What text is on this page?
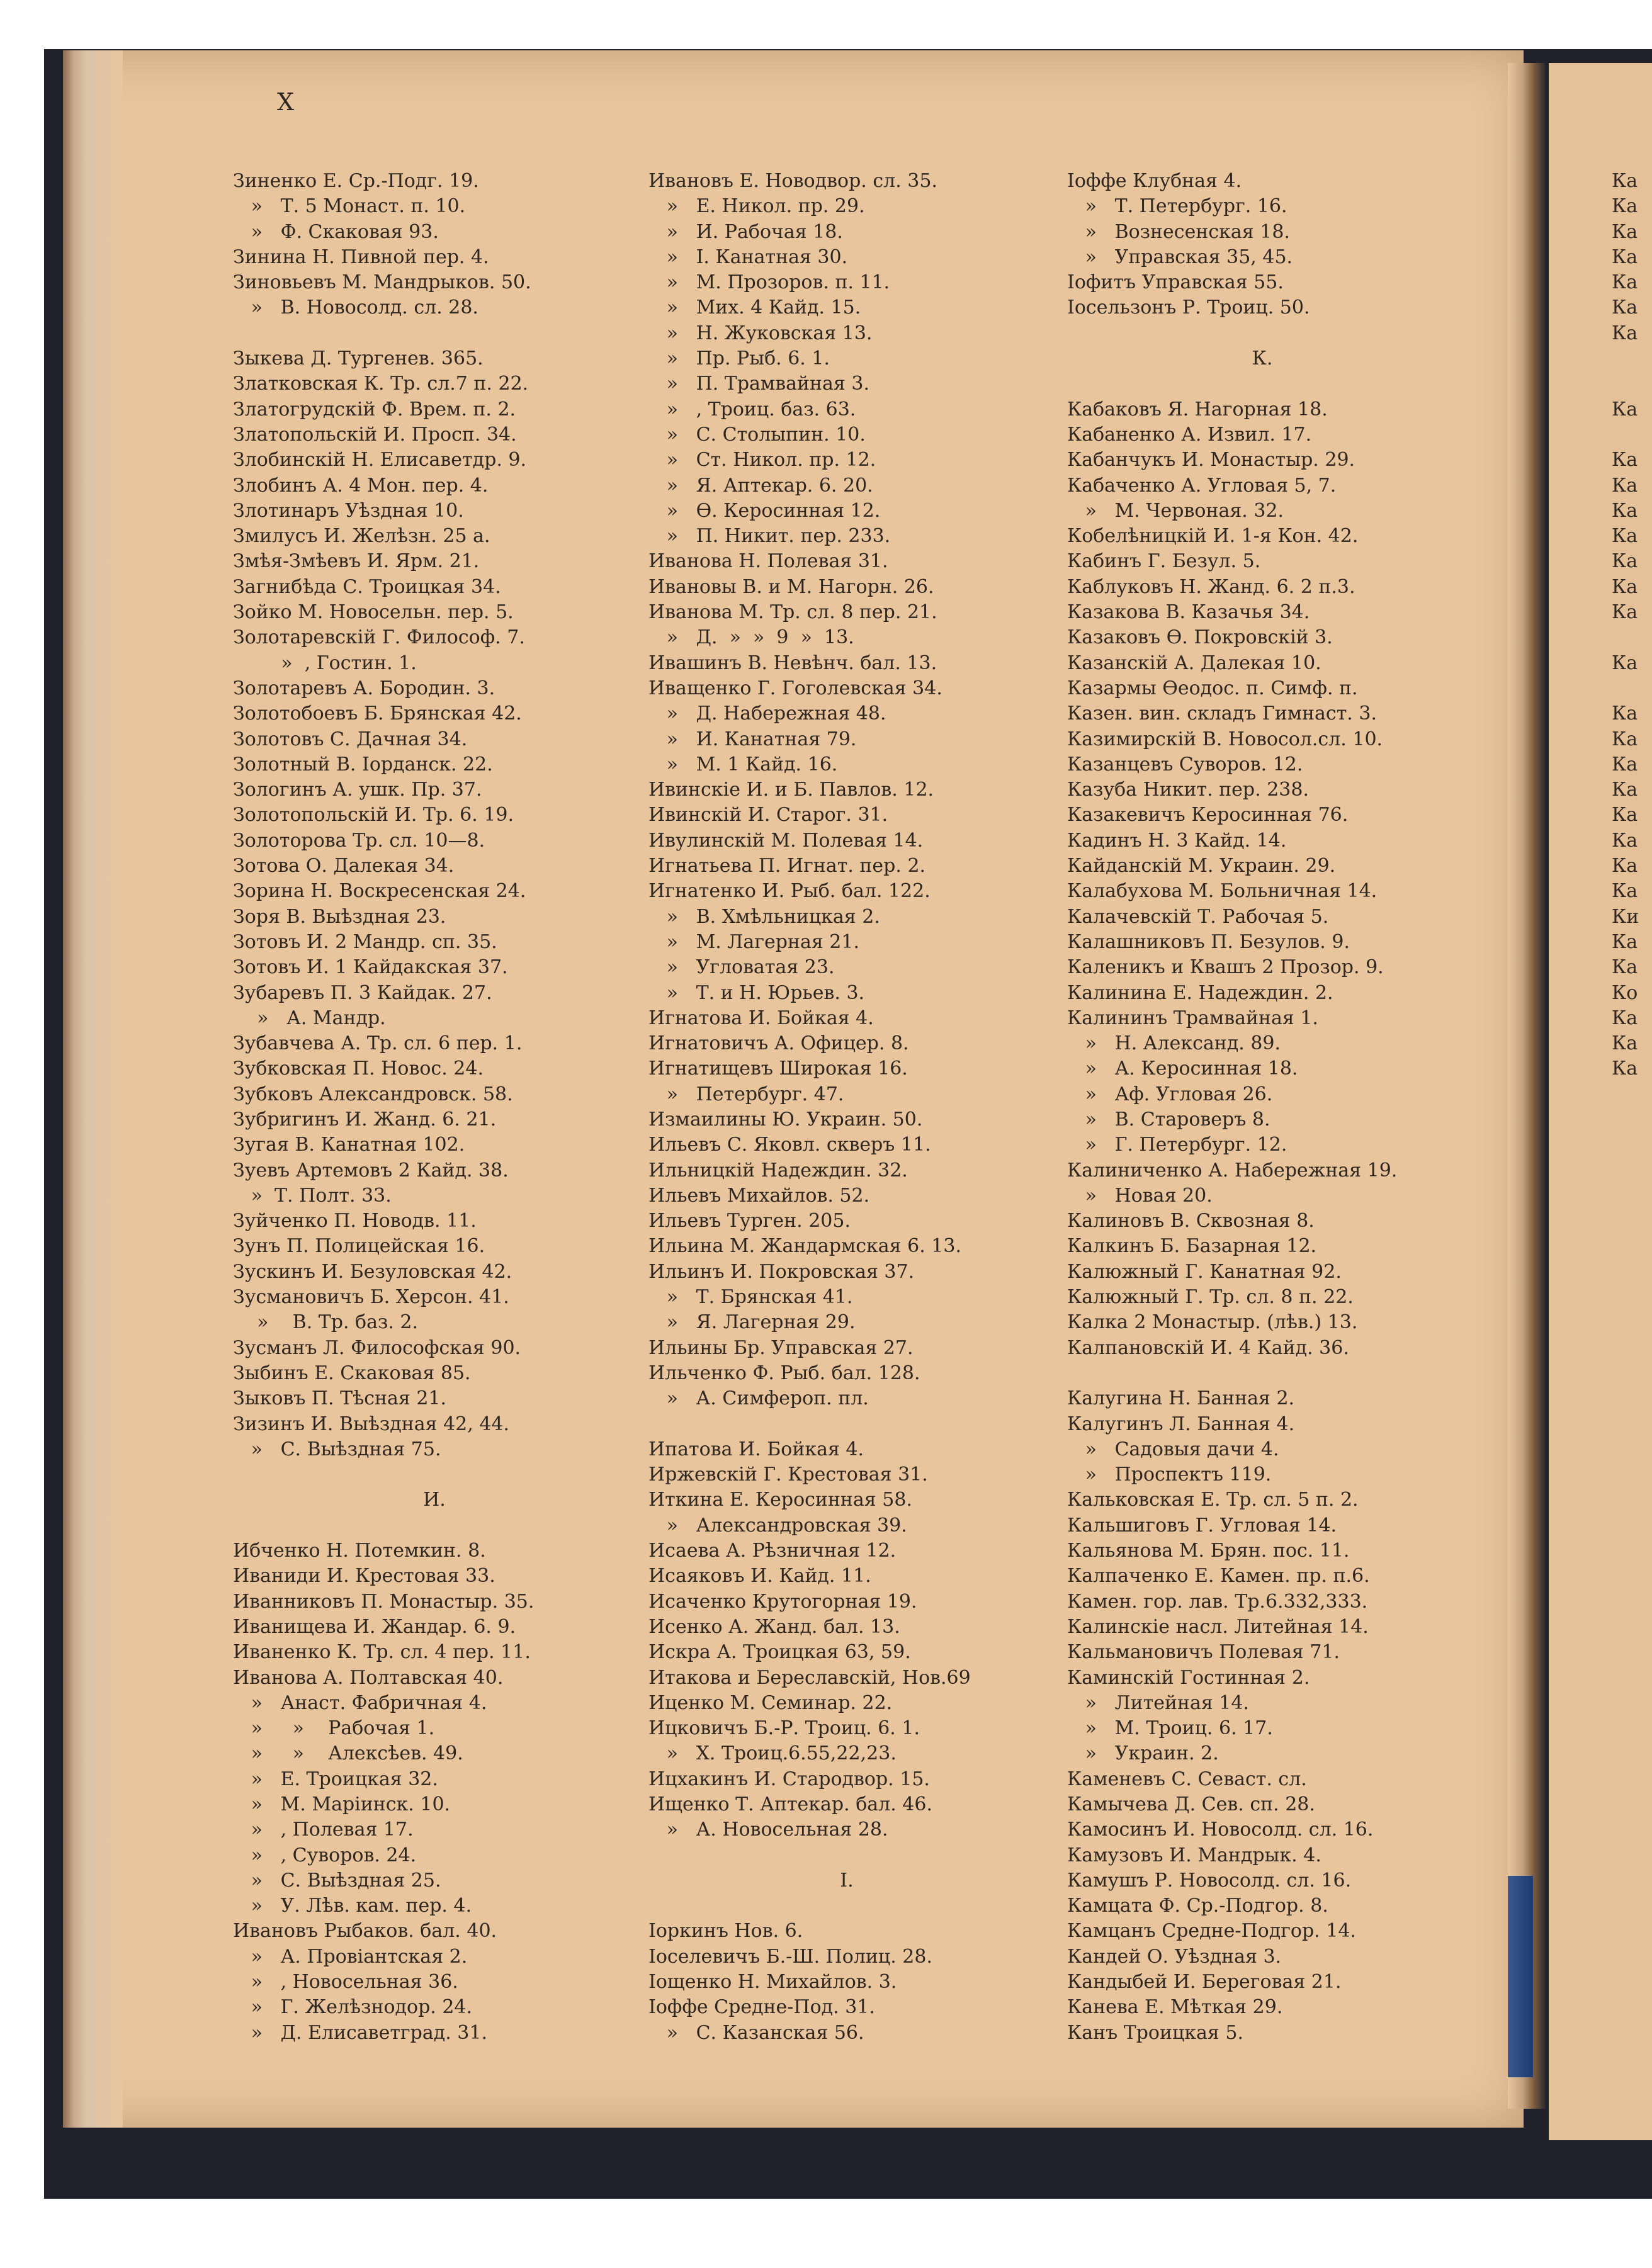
X
Зиненко Е. Ср.-Подг. 19.
»   Т. 5 Монаст. п. 10.
»   Ф. Скаковая 93.
Зинина Н. Пивной пер. 4.
Зиновьевъ М. Мандрыков. 50.
»   В. Новосолд. сл. 28.
Зыкева Д. Тургенев. 365.
Златковская К. Тр. сл.7 п. 22.
Златогрудскій Ф. Врем. п. 2.
Златопольскій И. Просп. 34.
Злобинскій Н. Елисаветдр. 9.
Злобинъ А. 4 Мон. пер. 4.
Злотинаръ Уѣздная 10.
Змилусъ И. Желѣзн. 25 а.
Змѣя-Змѣевъ И. Ярм. 21.
Загнибѣда С. Троицкая 34.
Зойко М. Новосельн. пер. 5.
Золотаревскій Г. Философ. 7.
»  , Гостин. 1.
Золотаревъ А. Бородин. 3.
Золотобоевъ Б. Брянская 42.
Золотовъ С. Дачная 34.
Золотный В. Іорданск. 22.
Зологинъ А. ушк. Пр. 37.
Золотопольскій И. Тр. 6. 19.
Золоторова Тр. сл. 10—8.
Зотова О. Далекая 34.
Зорина Н. Воскресенская 24.
Зоря В. Выѣздная 23.
Зотовъ И. 2 Мандр. сп. 35.
Зотовъ И. 1 Кайдакская 37.
Зубаревъ П. 3 Кайдак. 27.
»   А. Мандр.
Зубавчева А. Тр. сл. 6 пер. 1.
Зубковская П. Новос. 24.
Зубковъ Александровск. 58.
Зубригинъ И. Жанд. 6. 21.
Зугая В. Канатная 102.
Зуевъ Артемовъ 2 Кайд. 38.
»  Т. Полт. 33.
Зуйченко П. Новодв. 11.
Зунъ П. Полицейская 16.
Зускинъ И. Безуловская 42.
Зусмановичъ Б. Херсон. 41.
»    В. Тр. баз. 2.
Зусманъ Л. Философская 90.
Зыбинъ Е. Скаковая 85.
Зыковъ П. Тѣсная 21.
Зизинъ И. Выѣздная 42, 44.
»   С. Выѣздная 75.
И.
Ибченко Н. Потемкин. 8.
Иваниди И. Крестовая 33.
Иванниковъ П. Монастыр. 35.
Иванищева И. Жандар. 6. 9.
Иваненко К. Тр. сл. 4 пер. 11.
Иванова А. Полтавская 40.
»   Анаст. Фабричная 4.
»     »    Рабочая 1.
»     »    Алексѣев. 49.
»   Е. Троицкая 32.
»   М. Маріинск. 10.
»   , Полевая 17.
»   , Суворов. 24.
»   С. Выѣздная 25.
»   У. Лѣв. кам. пер. 4.
Ивановъ Рыбаков. бал. 40.
»   А. Провіантская 2.
»   , Новосельная 36.
»   Г. Желѣзнодор. 24.
»   Д. Елисаветград. 31.
Ивановъ Е. Новодвор. сл. 35.
»   Е. Никол. пр. 29.
»   И. Рабочая 18.
»   І. Канатная 30.
»   М. Прозоров. п. 11.
»   Мих. 4 Кайд. 15.
»   Н. Жуковская 13.
»   Пр. Рыб. 6. 1.
»   П. Трамвайная 3.
»   , Троиц. баз. 63.
»   С. Столыпин. 10.
»   Ст. Никол. пр. 12.
»   Я. Аптекар. 6. 20.
»   Ѳ. Керосинная 12.
»   П. Никит. пер. 233.
Иванова Н. Полевая 31.
Ивановы В. и М. Нагорн. 26.
Иванова М. Тр. сл. 8 пер. 21.
»   Д.  »  »  9  »  13.
Ивашинъ В. Невѣнч. бал. 13.
Иващенко Г. Гоголевская 34.
»   Д. Набережная 48.
»   И. Канатная 79.
»   М. 1 Кайд. 16.
Ивинскіе И. и Б. Павлов. 12.
Ивинскій И. Старог. 31.
Ивулинскій М. Полевая 14.
Игнатьева П. Игнат. пер. 2.
Игнатенко И. Рыб. бал. 122.
»   В. Хмѣльницкая 2.
»   М. Лагерная 21.
»   Угловатая 23.
»   Т. и Н. Юрьев. 3.
Игнатова И. Бойкая 4.
Игнатовичъ А. Офицер. 8.
Игнатищевъ Широкая 16.
»   Петербург. 47.
Измаилины Ю. Украин. 50.
Ильевъ С. Яковл. скверъ 11.
Ильницкій Надеждин. 32.
Ильевъ Михайлов. 52.
Ильевъ Турген. 205.
Ильина М. Жандармская 6. 13.
Ильинъ И. Покровская 37.
»   Т. Брянская 41.
»   Я. Лагерная 29.
Ильины Бр. Управская 27.
Ильченко Ф. Рыб. бал. 128.
»   А. Симфероп. пл.
Ипатова И. Бойкая 4.
Иржевскій Г. Крестовая 31.
Иткина Е. Керосинная 58.
»   Александровская 39.
Исаева А. Рѣзничная 12.
Исаяковъ И. Кайд. 11.
Исаченко Крутогорная 19.
Исенко А. Жанд. бал. 13.
Искра А. Троицкая 63, 59.
Итакова и Береславскій, Нов.69
Иценко М. Семинар. 22.
Ицковичъ Б.-Р. Троиц. 6. 1.
»   Х. Троиц.6.55,22,23.
Ицхакинъ И. Стародвор. 15.
Ищенко Т. Аптекар. бал. 46.
»   А. Новосельная 28.
І.
Іоркинъ Нов. 6.
Іоселевичъ Б.-Ш. Полиц. 28.
Іощенко Н. Михайлов. 3.
Іоффе Средне-Под. 31.
»   С. Казанская 56.
Іоффе Клубная 4.
»   Т. Петербург. 16.
»   Вознесенская 18.
»   Управская 35, 45.
Іофитъ Управская 55.
Іосельзонъ Р. Троиц. 50.
К.
Кабаковъ Я. Нагорная 18.
Кабаненко А. Извил. 17.
Кабанчукъ И. Монастыр. 29.
Кабаченко А. Угловая 5, 7.
»   М. Червоная. 32.
Кобелѣницкій И. 1-я Кон. 42.
Кабинъ Г. Безул. 5.
Каблуковъ Н. Жанд. 6. 2 п.3.
Казакова В. Казачья 34.
Казаковъ Ѳ. Покровскій 3.
Казанскій А. Далекая 10.
Казармы Ѳеодос. п. Симф. п.
Казен. вин. складъ Гимнаст. 3.
Казимирскій В. Новосол.сл. 10.
Казанцевъ Суворов. 12.
Казуба Никит. пер. 238.
Казакевичъ Керосинная 76.
Кадинъ Н. 3 Кайд. 14.
Кайданскій М. Украин. 29.
Калабухова М. Больничная 14.
Калачевскій Т. Рабочая 5.
Калашниковъ П. Безулов. 9.
Каленикъ и Квашъ 2 Прозор. 9.
Калинина Е. Надеждин. 2.
Калининъ Трамвайная 1.
»   Н. Александ. 89.
»   А. Керосинная 18.
»   Аф. Угловая 26.
»   В. Староверъ 8.
»   Г. Петербург. 12.
Калиниченко А. Набережная 19.
»   Новая 20.
Калиновъ В. Сквозная 8.
Калкинъ Б. Базарная 12.
Калюжный Г. Канатная 92.
Калюжный Г. Тр. сл. 8 п. 22.
Калка 2 Монастыр. (лѣв.) 13.
Калпановскій И. 4 Кайд. 36.
Калугина Н. Банная 2.
Калугинъ Л. Банная 4.
»   Садовыя дачи 4.
»   Проспектъ 119.
Кальковская Е. Тр. сл. 5 п. 2.
Кальшиговъ Г. Угловая 14.
Кальянова М. Брян. пос. 11.
Калпаченко Е. Камен. пр. п.6.
Камен. гор. лав. Тр.6.332,333.
Калинскіе насл. Литейная 14.
Кальмановичъ Полевая 71.
Каминскій Гостинная 2.
»   Литейная 14.
»   М. Троиц. 6. 17.
»   Украин. 2.
Каменевъ С. Севаст. сл.
Камычева Д. Сев. сп. 28.
Камосинъ И. Новосолд. сл. 16.
Камузовъ И. Мандрык. 4.
Камушъ Р. Новосолд. сл. 16.
Камцата Ф. Ср.-Подгор. 8.
Камцанъ Средне-Подгор. 14.
Кандей О. Уѣздная 3.
Кандыбей И. Береговая 21.
Канева Е. Мѣткая 29.
Канъ Троицкая 5.
Ка
Ка
Ка
Ка
Ка
Ка
Ка
Ка
Ка
Ка
Ка
Ка
Ка
Ка
Ка
Ка
Ка
Ка
Ка
Ка
Ка
Ка
Ка
Ка
Ки
Ка
Ка
Ко
Ка
Ка
Ка
